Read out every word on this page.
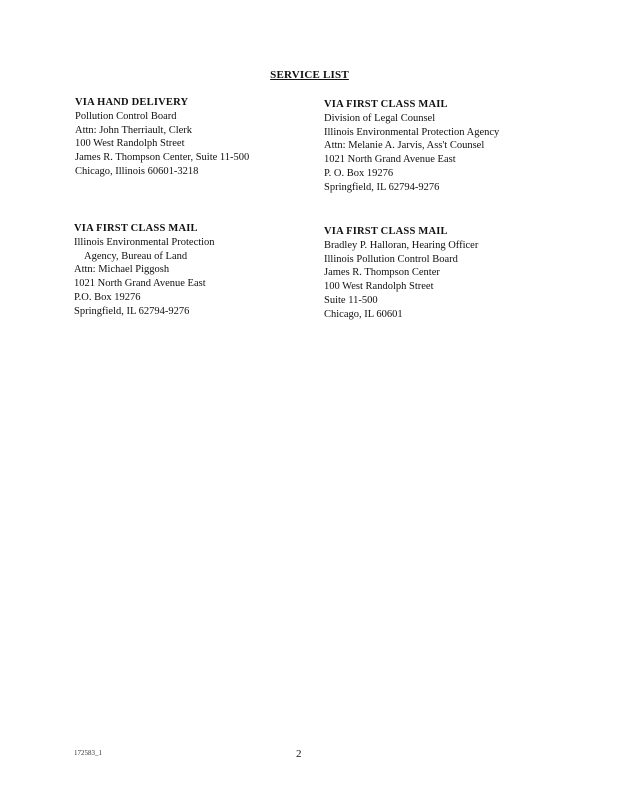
SERVICE LIST
VIA HAND DELIVERY
Pollution Control Board
Attn: John Therriault, Clerk
100 West Randolph Street
James R. Thompson Center, Suite 11-500
Chicago, Illinois 60601-3218
VIA FIRST CLASS MAIL
Division of Legal Counsel
Illinois Environmental Protection Agency
Attn: Melanie A. Jarvis, Ass't Counsel
1021 North Grand Avenue East
P. O. Box 19276
Springfield, IL 62794-9276
VIA FIRST CLASS MAIL
Illinois Environmental Protection
Agency, Bureau of Land
Attn: Michael Piggosh
1021 North Grand Avenue East
P.O. Box 19276
Springfield, IL 62794-9276
VIA FIRST CLASS MAIL
Bradley P. Halloran, Hearing Officer
Illinois Pollution Control Board
James R. Thompson Center
100 West Randolph Street
Suite 11-500
Chicago, IL 60601
172583_1	2
